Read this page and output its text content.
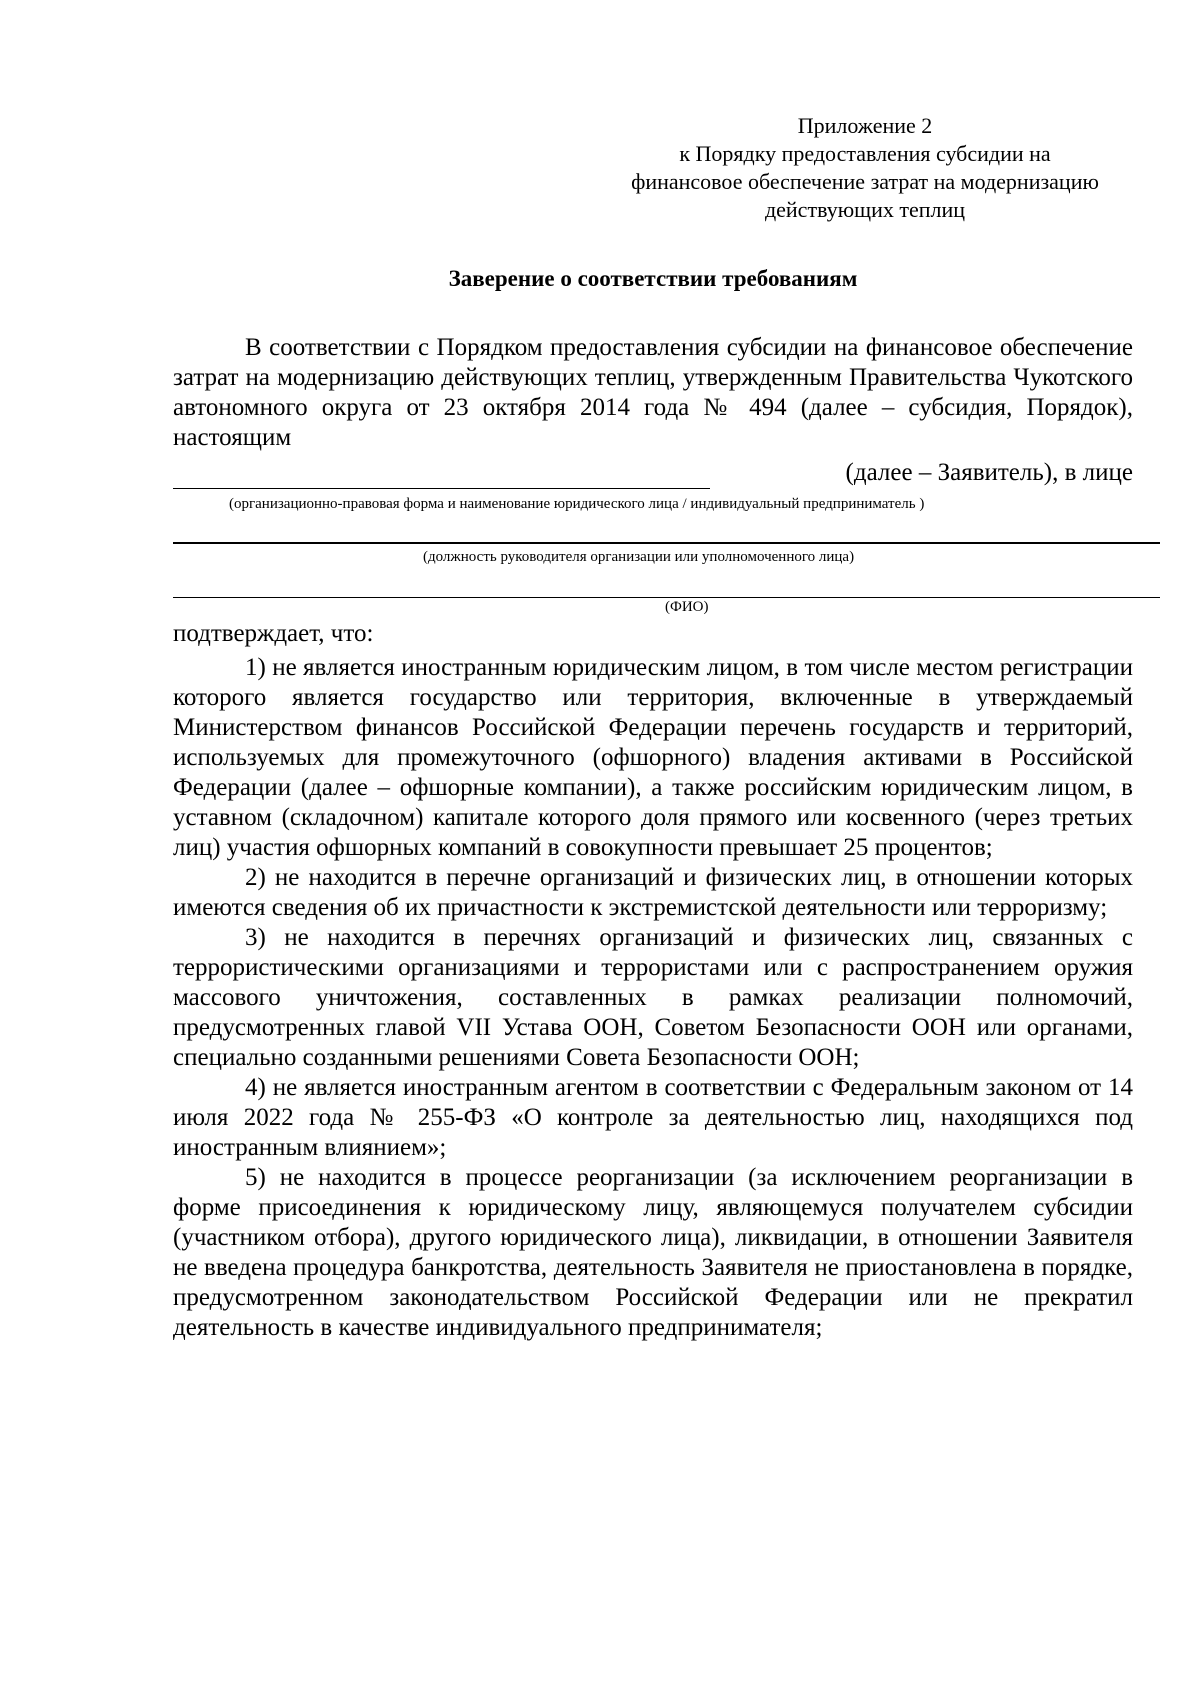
Приложение 2
к Порядку предоставления субсидии на
финансовое обеспечение затрат на модернизацию
действующих теплиц
Заверение о соответствии требованиям
В соответствии с Порядком предоставления субсидии на финансовое обеспечение затрат на модернизацию действующих теплиц, утвержденным Правительства Чукотского автономного округа от 23 октября 2014 года № 494 (далее – субсидия, Порядок), настоящим
(далее – Заявитель), в лице
(организационно-правовая форма и наименование юридического лица / индивидуальный предприниматель )
(должность руководителя организации или уполномоченного лица)
(ФИО)
подтверждает, что:

1) не является иностранным юридическим лицом, в том числе местом регистрации которого является государство или территория, включенные в утверждаемый Министерством финансов Российской Федерации перечень государств и территорий, используемых для промежуточного (офшорного) владения активами в Российской Федерации (далее – офшорные компании), а также российским юридическим лицом, в уставном (складочном) капитале которого доля прямого или косвенного (через третьих лиц) участия офшорных компаний в совокупности превышает 25 процентов;

2) не находится в перечне организаций и физических лиц, в отношении которых имеются сведения об их причастности к экстремистской деятельности или терроризму;

3) не находится в перечнях организаций и физических лиц, связанных с террористическими организациями и террористами или с распространением оружия массового уничтожения, составленных в рамках реализации полномочий, предусмотренных главой VII Устава ООН, Советом Безопасности ООН или органами, специально созданными решениями Совета Безопасности ООН;

4) не является иностранным агентом в соответствии с Федеральным законом от 14 июля 2022 года № 255-ФЗ «О контроле за деятельностью лиц, находящихся под иностранным влиянием»;

5) не находится в процессе реорганизации (за исключением реорганизации в форме присоединения к юридическому лицу, являющемуся получателем субсидии (участником отбора), другого юридического лица), ликвидации, в отношении Заявителя не введена процедура банкротства, деятельность Заявителя не приостановлена в порядке, предусмотренном законодательством Российской Федерации или не прекратил деятельность в качестве индивидуального предпринимателя;
